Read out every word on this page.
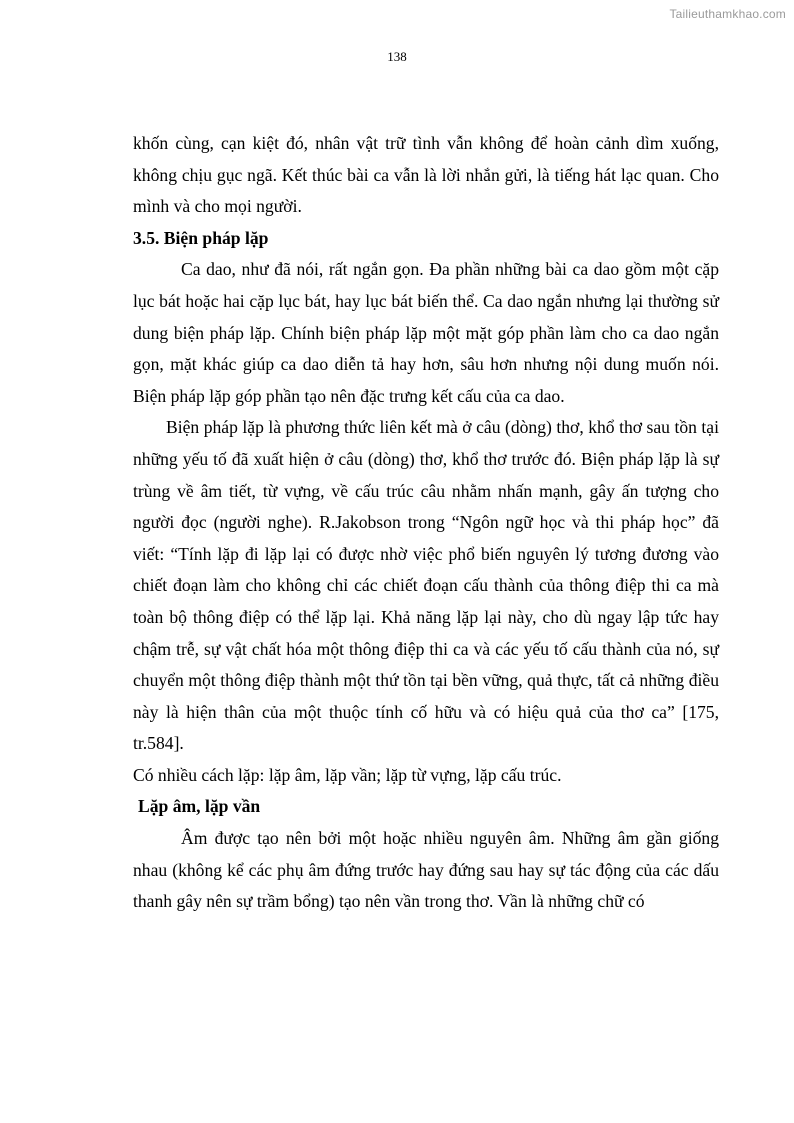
Tailieuthamkhao.com
138

khốn cùng, cạn kiệt đó, nhân vật trữ tình vẫn không để hoàn cảnh dìm xuống, không chịu gục ngã. Kết thúc bài ca vẫn là lời nhắn gửi, là tiếng hát lạc quan. Cho mình và cho mọi người.

3.5. Biện pháp lặp

Ca dao, như đã nói, rất ngắn gọn. Đa phần những bài ca dao gồm một cặp lục bát hoặc hai cặp lục bát, hay lục bát biến thể. Ca dao ngắn nhưng lại thường sử dung biện pháp lặp. Chính biện pháp lặp một mặt góp phần làm cho ca dao ngắn gọn, mặt khác giúp ca dao diễn tả hay hơn, sâu hơn nhưng nội dung muốn nói. Biện pháp lặp góp phần tạo nên đặc trưng kết cấu của ca dao.

Biện pháp lặp là phương thức liên kết mà ở câu (dòng) thơ, khổ thơ sau tồn tại những yếu tố đã xuất hiện ở câu (dòng) thơ, khổ thơ trước đó. Biện pháp lặp là sự trùng về âm tiết, từ vựng, về cấu trúc câu nhằm nhấn mạnh, gây ấn tượng cho người đọc (người nghe). R.Jakobson trong “Ngôn ngữ học và thi pháp học” đã viết: “Tính lặp đi lặp lại có được nhờ việc phổ biến nguyên lý tương đương vào chiết đoạn làm cho không chỉ các chiết đoạn cấu thành của thông điệp thi ca mà toàn bộ thông điệp có thể lặp lại. Khả năng lặp lại này, cho dù ngay lập tức hay chậm trễ, sự vật chất hóa một thông điệp thi ca và các yếu tố cấu thành của nó, sự chuyển một thông điệp thành một thứ tồn tại bền vững, quả thực, tất cả những điều này là hiện thân của một thuộc tính cố hữu và có hiệu quả của thơ ca” [175, tr.584].

Có nhiều cách lặp: lặp âm, lặp vần; lặp từ vựng, lặp cấu trúc.

Lặp âm, lặp vần

Âm được tạo nên bởi một hoặc nhiều nguyên âm. Những âm gần giống nhau (không kể các phụ âm đứng trước hay đứng sau hay sự tác động của các dấu thanh gây nên sự trầm bổng) tạo nên vần trong thơ. Vần là những chữ có
